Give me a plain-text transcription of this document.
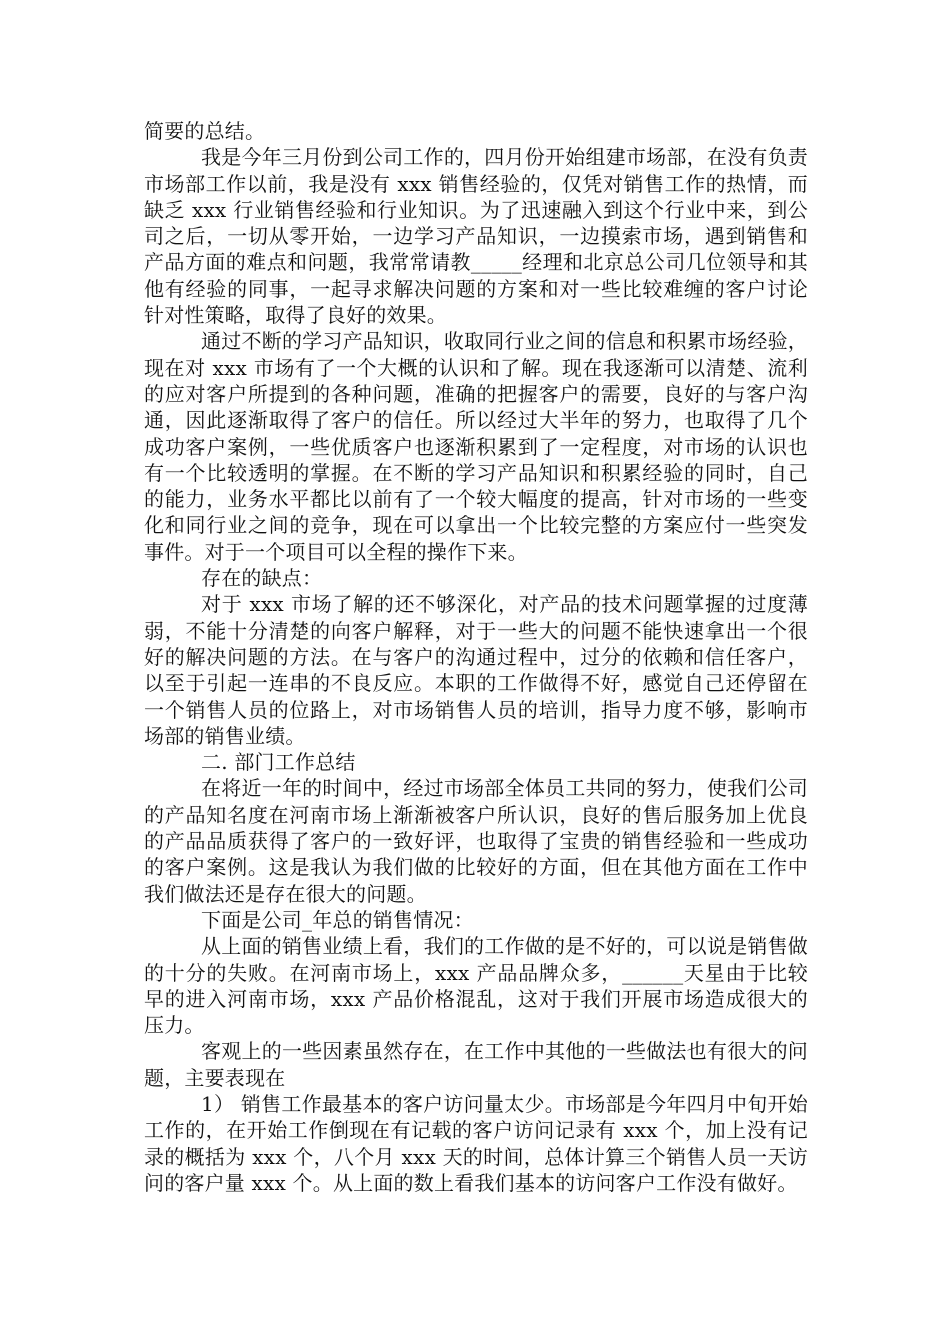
简要的总结。

我是今年三月份到公司工作的，四月份开始组建市场部，在没有负责市场部工作以前，我是没有 xxx 销售经验的，仅凭对销售工作的热情，而缺乏 xxx 行业销售经验和行业知识。为了迅速融入到这个行业中来，到公司之后，一切从零开始，一边学习产品知识，一边摸索市场，遇到销售和产品方面的难点和问题，我常常请教_____经理和北京总公司几位领导和其他有经验的同事，一起寻求解决问题的方案和对一些比较难缠的客户讨论针对性策略，取得了良好的效果。

通过不断的学习产品知识，收取同行业之间的信息和积累市场经验，现在对 xxx 市场有了一个大概的认识和了解。现在我逐渐可以清楚、流利的应对客户所提到的各种问题，准确的把握客户的需要，良好的与客户沟通，因此逐渐取得了客户的信任。所以经过大半年的努力，也取得了几个成功客户案例，一些优质客户也逐渐积累到了一定程度，对市场的认识也有一个比较透明的掌握。在不断的学习产品知识和积累经验的同时，自己的能力，业务水平都比以前有了一个较大幅度的提高，针对市场的一些变化和同行业之间的竞争，现在可以拿出一个比较完整的方案应付一些突发事件。对于一个项目可以全程的操作下来。

存在的缺点：

对于 xxx 市场了解的还不够深化，对产品的技术问题掌握的过度薄弱，不能十分清楚的向客户解释，对于一些大的问题不能快速拿出一个很好的解决问题的方法。在与客户的沟通过程中，过分的依赖和信任客户，以至于引起一连串的不良反应。本职的工作做得不好，感觉自己还停留在一个销售人员的位路上，对市场销售人员的培训，指导力度不够，影响市场部的销售业绩。

二. 部门工作总结

在将近一年的时间中，经过市场部全体员工共同的努力，使我们公司的产品知名度在河南市场上渐渐被客户所认识，良好的售后服务加上优良的产品品质获得了客户的一致好评，也取得了宝贵的销售经验和一些成功的客户案例。这是我认为我们做的比较好的方面，但在其他方面在工作中我们做法还是存在很大的问题。

下面是公司_年总的销售情况：

从上面的销售业绩上看，我们的工作做的是不好的，可以说是销售做的十分的失败。在河南市场上，xxx 产品品牌众多，______天星由于比较早的进入河南市场，xxx 产品价格混乱，这对于我们开展市场造成很大的压力。

客观上的一些因素虽然存在，在工作中其他的一些做法也有很大的问题，主要表现在

1） 销售工作最基本的客户访问量太少。市场部是今年四月中旬开始工作的，在开始工作倒现在有记载的客户访问记录有 xxx 个，加上没有记录的概括为 xxx 个，八个月 xxx 天的时间，总体计算三个销售人员一天访问的客户量 xxx 个。从上面的数上看我们基本的访问客户工作没有做好。
